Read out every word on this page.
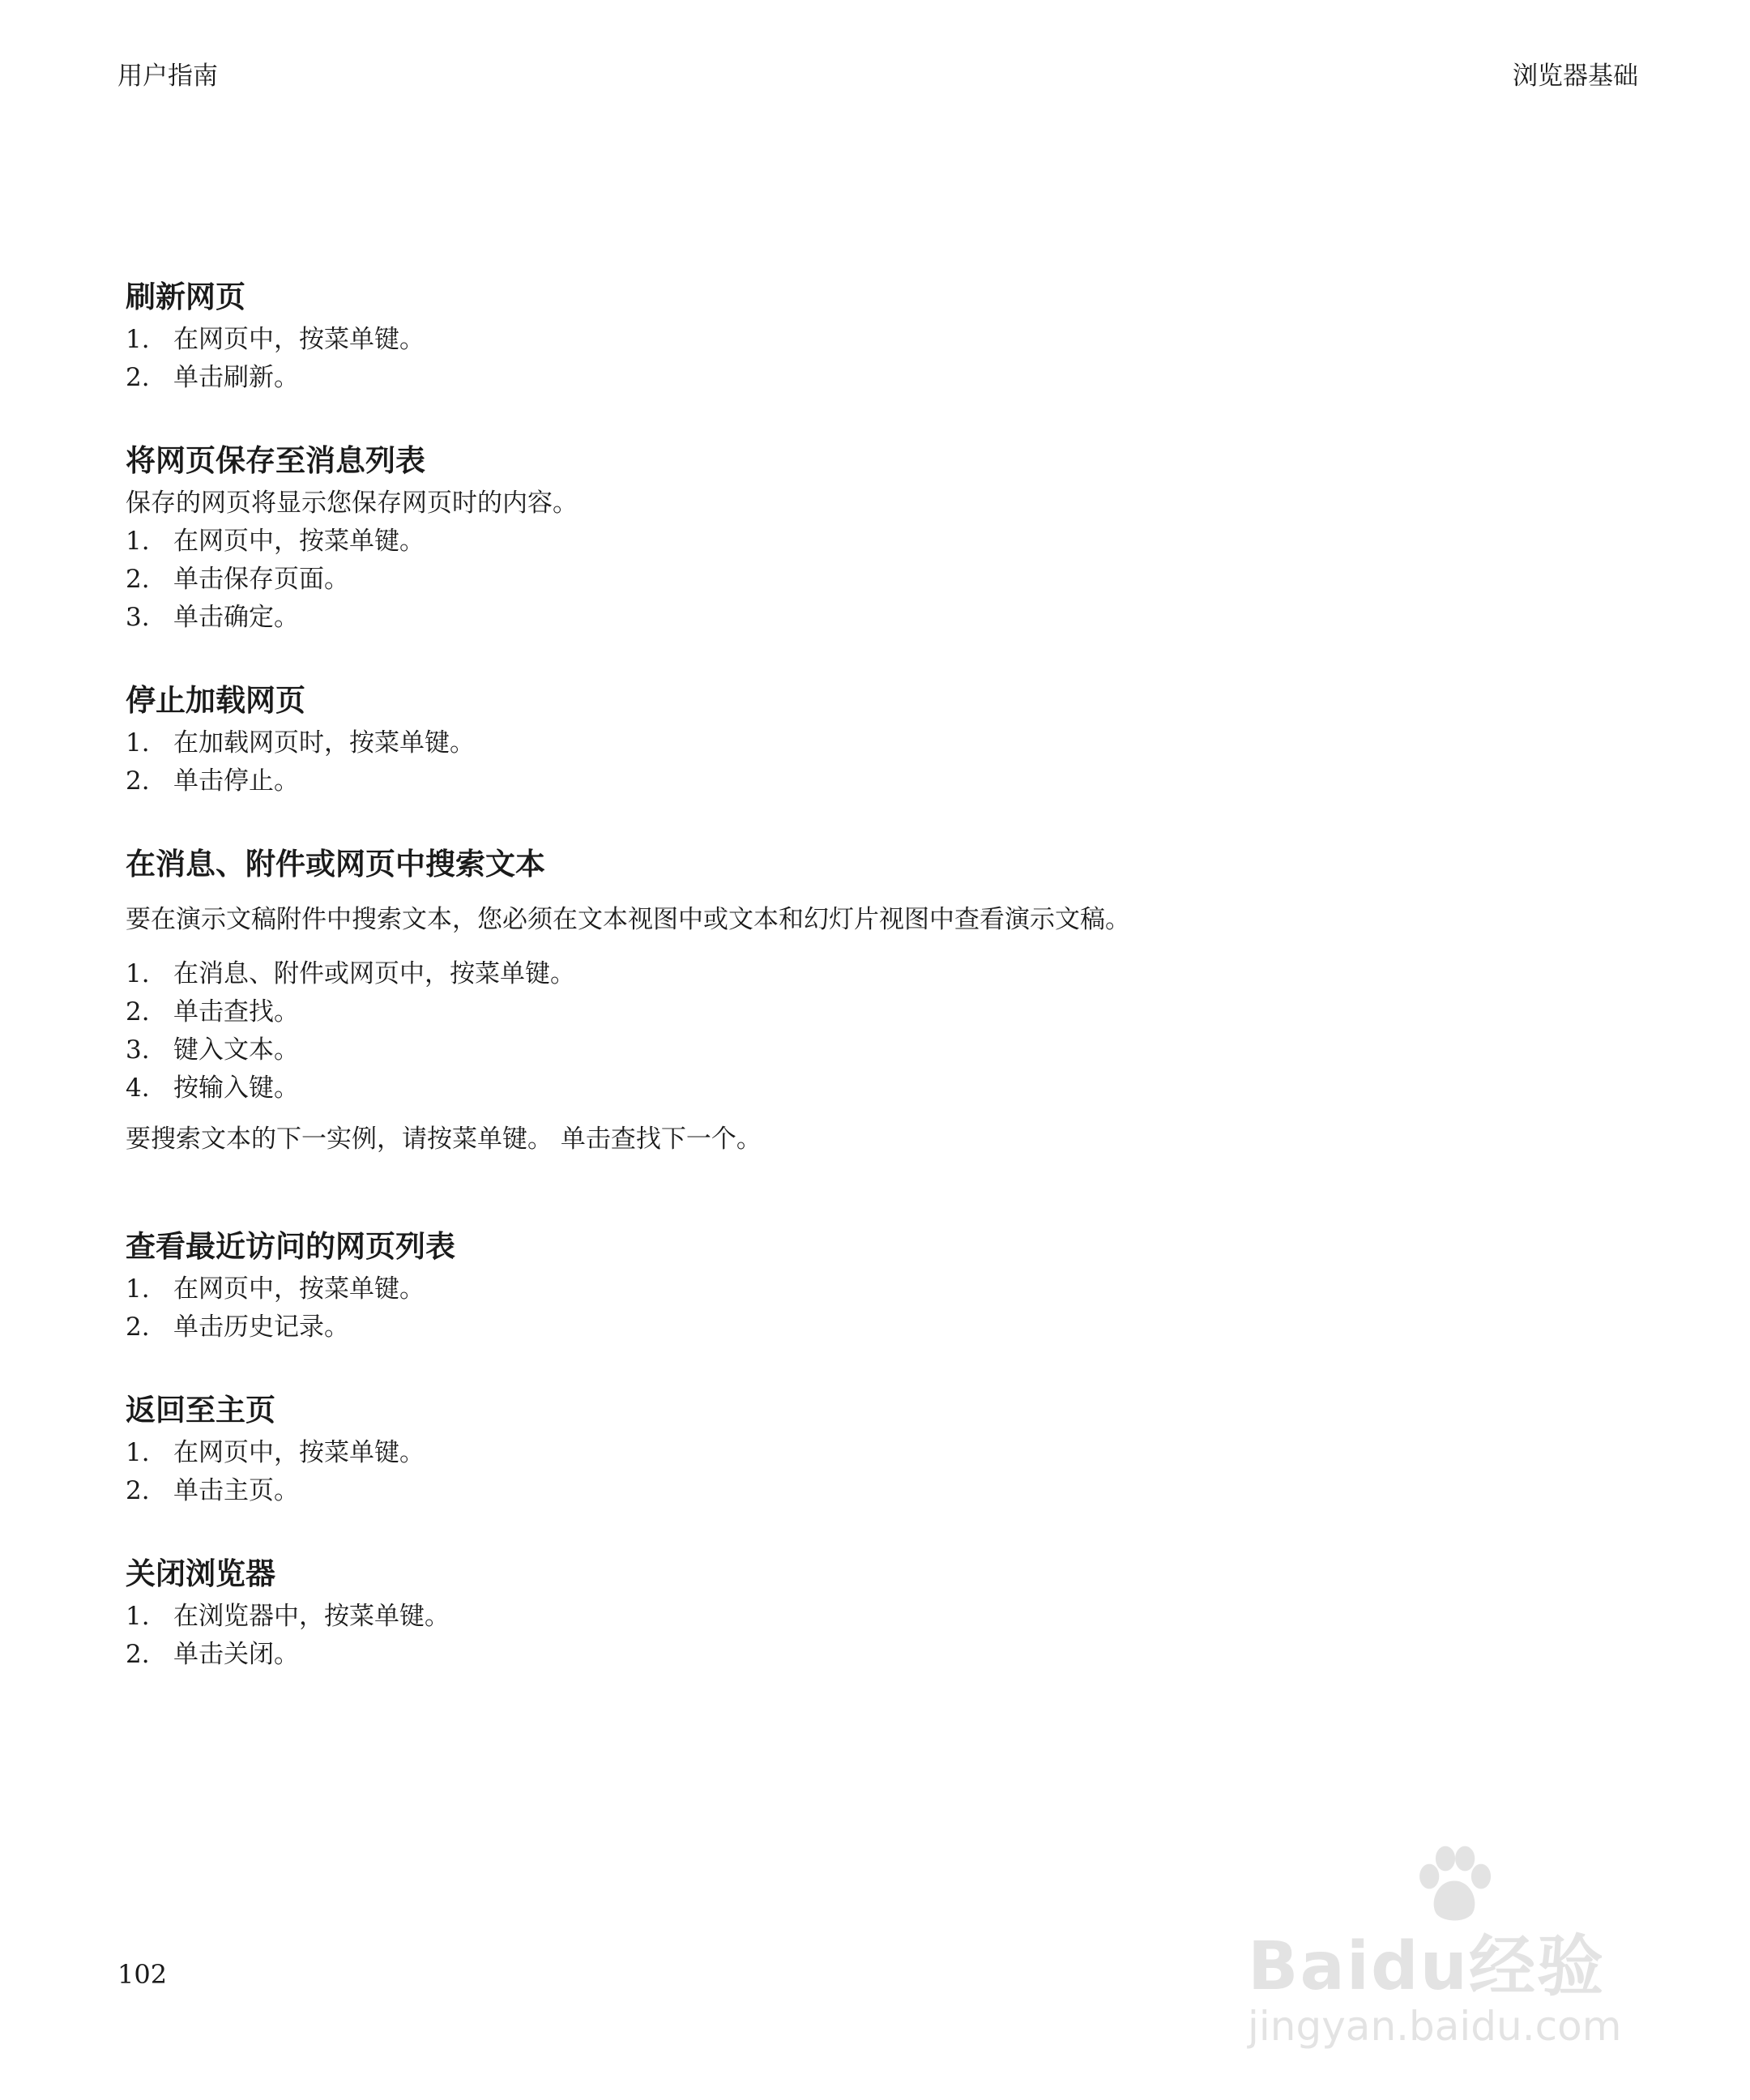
用户指南	浏览器基础
刷新网页
1. 在网页中，按菜单键。
2. 单击刷新。
将网页保存至消息列表

保存的网页将显示您保存网页时的内容。

1. 在网页中，按菜单键。
2. 单击保存页面。
3. 单击确定。
停止加载网页
1. 在加载网页时，按菜单键。
2. 单击停止。
在消息、附件或网页中搜索文本

要在演示文稿附件中搜索文本，您必须在文本视图中或文本和幻灯片视图中查看演示文稿。

1. 在消息、附件或网页中，按菜单键。
2. 单击查找。
3. 键入文本。
4. 按输入键。

要搜索文本的下一实例，请按菜单键。 单击查找下一个。

查看最近访问的网页列表
1. 在网页中，按菜单键。
2. 单击历史记录。
返回至主页
1. 在网页中，按菜单键。
2. 单击主页。
关闭浏览器
1. 在浏览器中，按菜单键。
2. 单击关闭。
102	Baidu经验
jingyan.baidu.com
